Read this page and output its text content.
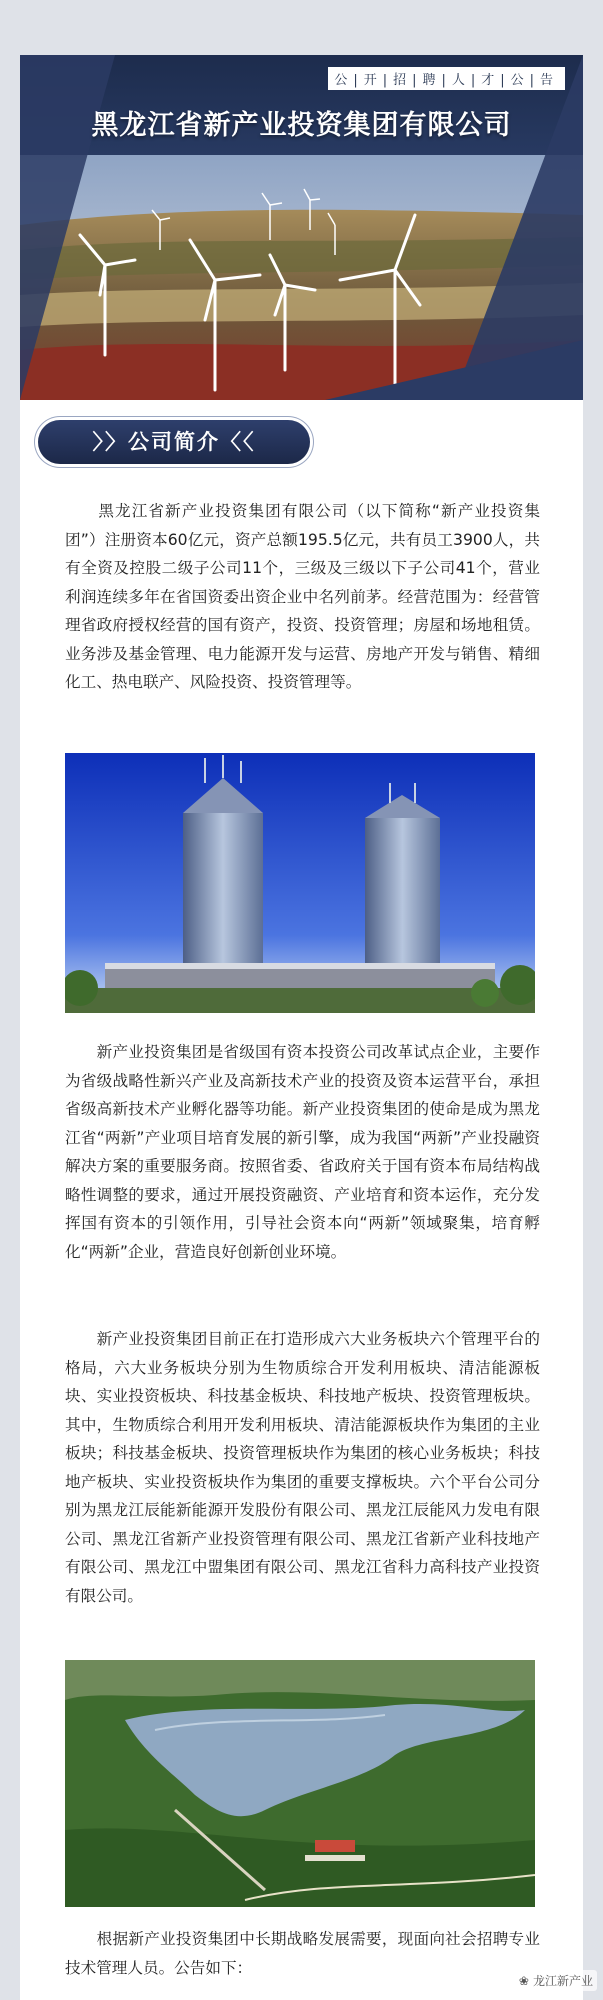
公|开|招|聘|人|才|公|告
黑龙江省新产业投资集团有限公司
〉〉公司简介〈〈

　　黑龙江省新产业投资集团有限公司（以下简称“新产业投资集团”）注册资本60亿元，资产总额195.5亿元，共有员工3900人，共有全资及控股二级子公司11个，三级及三级以下子公司41个，营业利润连续多年在省国资委出资企业中名列前茅。经营范围为：经营管理省政府授权经营的国有资产，投资、投资管理；房屋和场地租赁。业务涉及基金管理、电力能源开发与运营、房地产开发与销售、精细化工、热电联产、风险投资、投资管理等。

　　新产业投资集团是省级国有资本投资公司改革试点企业，主要作为省级战略性新兴产业及高新技术产业的投资及资本运营平台，承担省级高新技术产业孵化器等功能。新产业投资集团的使命是成为黑龙江省“两新”产业项目培育发展的新引擎，成为我国“两新”产业投融资解决方案的重要服务商。按照省委、省政府关于国有资本布局结构战略性调整的要求，通过开展投资融资、产业培育和资本运作，充分发挥国有资本的引领作用，引导社会资本向“两新”领域聚集，培育孵化“两新”企业，营造良好创新创业环境。

　　新产业投资集团目前正在打造形成六大业务板块六个管理平台的格局，六大业务板块分别为生物质综合开发利用板块、清洁能源板块、实业投资板块、科技基金板块、科技地产板块、投资管理板块。其中，生物质综合利用开发利用板块、清洁能源板块作为集团的主业板块；科技基金板块、投资管理板块作为集团的核心业务板块；科技地产板块、实业投资板块作为集团的重要支撑板块。六个平台公司分别为黑龙江辰能新能源开发股份有限公司、黑龙江辰能风力发电有限公司、黑龙江省新产业投资管理有限公司、黑龙江省新产业科技地产有限公司、黑龙江中盟集团有限公司、黑龙江省科力高科技产业投资有限公司。

　　根据新产业投资集团中长期战略发展需要，现面向社会招聘专业技术管理人员。公告如下：

❀ 龙江新产业
